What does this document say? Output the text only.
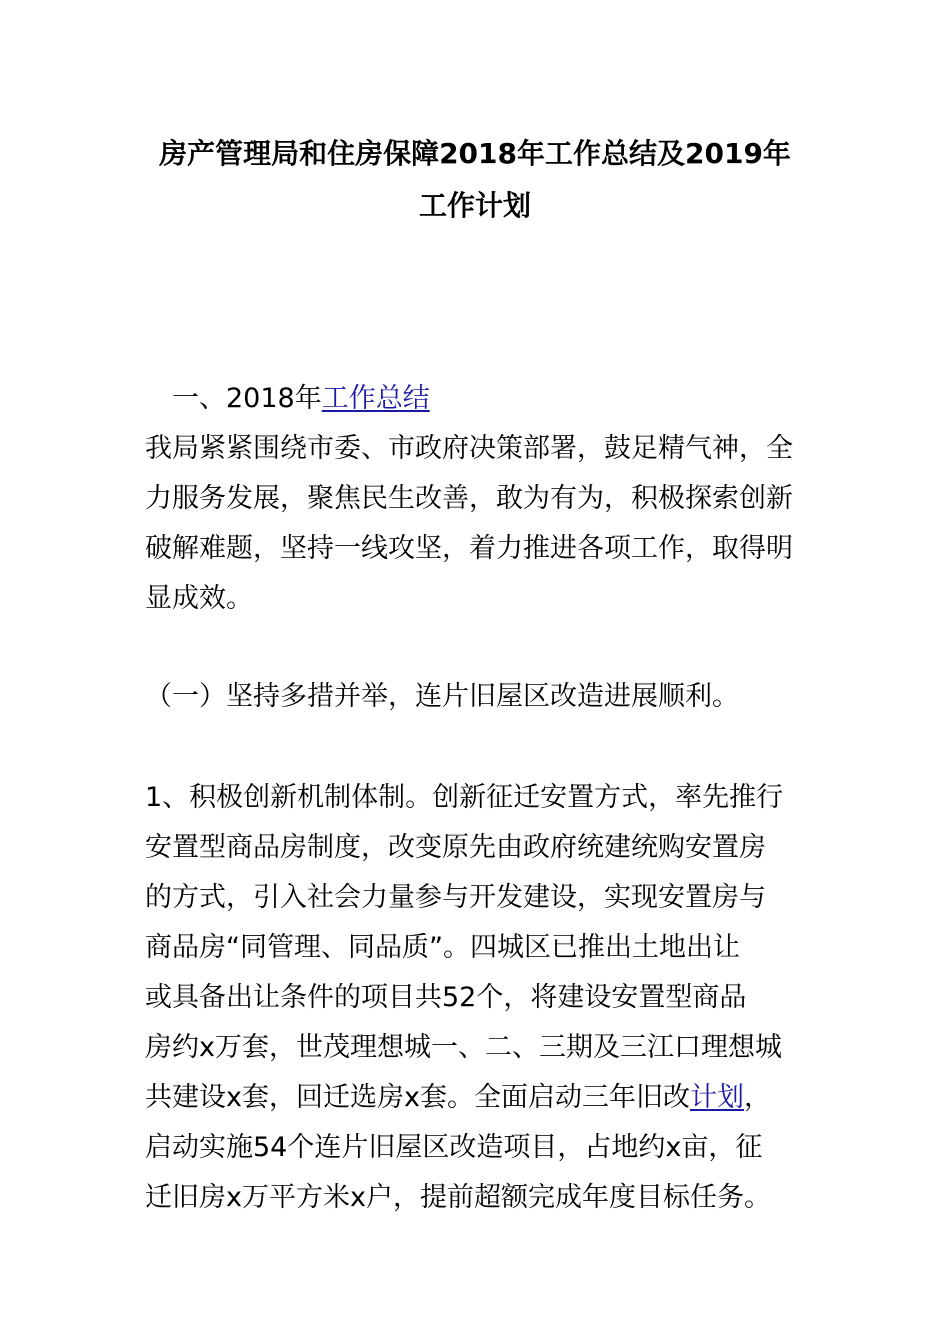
房产管理局和住房保障2018年工作总结及2019年
工作计划
一、2018年工作总结
我局紧紧围绕市委、市政府决策部署，鼓足精气神，全
力服务发展，聚焦民生改善，敢为有为，积极探索创新
破解难题，坚持一线攻坚，着力推进各项工作，取得明
显成效。
（一）坚持多措并举，连片旧屋区改造进展顺利。
1、积极创新机制体制。创新征迁安置方式，率先推行
安置型商品房制度，改变原先由政府统建统购安置房
的方式，引入社会力量参与开发建设，实现安置房与
商品房“同管理、同品质”。四城区已推出土地出让
或具备出让条件的项目共52个，将建设安置型商品
房约x万套，世茂理想城一、二、三期及三江口理想城
共建设x套，回迁选房x套。全面启动三年旧改计划，
启动实施54个连片旧屋区改造项目，占地约x亩，征
迁旧房x万平方米x户，提前超额完成年度目标任务。
